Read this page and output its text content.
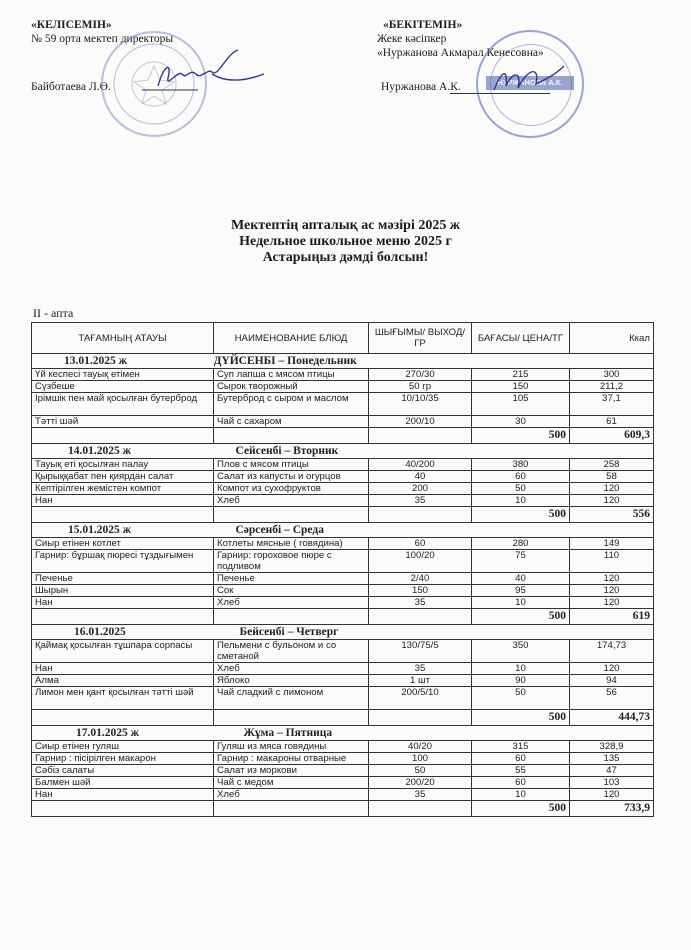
«КЕЛІСЕМІН»
№ 59 орта мектеп директоры
Байботаева Л.Ө.
«БЕКІТЕМІН»
Жеке кәсіпкер
«Нуржанова Акмарал Кенесовна»
Нуржанова А.К.	НУРЖАНОВА А.К.
Мектептің апталық ас мәзірі 2025 ж
Недельное школьное меню 2025 г
Астарыңыз дәмді болсын!
II - апта
ТАҒАМНЫҢ АТАУЫ	НАИМЕНОВАНИЕ БЛЮД	ШЫҒЫМЫ/ ВЫХОД/ГР	БАҒАСЫ/ ЦЕНА/ТГ	Ккал
13.01.2025 ж	ДҮЙСЕНБІ – Понедельник			
Үй кеспесі тауық етімен	Суп лапша с мясом птицы	270/30	215	300
Сүзбеше	Сырок творожный	50 гр	150	211,2
Ірімшік пен май қосылған бутерброд	Бутерброд с сыром и маслом	10/10/35	105	37,1
Тәтті шәй	Чай с сахаром	200/10	30	61
			500	609,3
14.01.2025 ж	Сейсенбі – Вторник			
Тауық еті қосылған палау	Плов с мясом птицы	40/200	380	258
Қырыққабат пен қиярдан салат	Салат из капусты и огурцов	40	60	58
Кептірілген жемістен компот	Компот из сухофруктов	200	50	120
Нан	Хлеб	35	10	120
			500	556
15.01.2025 ж	Сәрсенбі – Среда			
Сиыр етінен котлет	Котлеты мясные ( говядина)	60	280	149
Гарнир: бұршақ пюресі тұздығымен	Гарнир: гороховое пюре с подливом	100/20	75	110
Печенье	Печенье	2/40	40	120
Шырын	Сок	150	95	120
Нан	Хлеб	35	10	120
			500	619
16.01.2025	Бейсенбі – Четверг			
Қаймақ қосылған тұшпара сорпасы	Пельмени с бульоном и со сметаной	130/75/5	350	174,73
Нан	Хлеб	35	10	120
Алма	Яблоко	1 шт	90	94
Лимон мен қант қосылған тәтті шәй	Чай сладкий с лимоном	200/5/10	50	56
			500	444,73
17.01.2025 ж	Жұма – Пятница			
Сиыр етінен гуляш	Гуляш из мяса говядины	40/20	315	328,9
Гарнир : пісірілген макарон	Гарнир : макароны отварные	100	60	135
Сәбіз салаты	Салат из моркови	50	55	47
Балмен шәй	Чай с медом	200/20	60	103
Нан	Хлеб	35	10	120
			500	733,9
